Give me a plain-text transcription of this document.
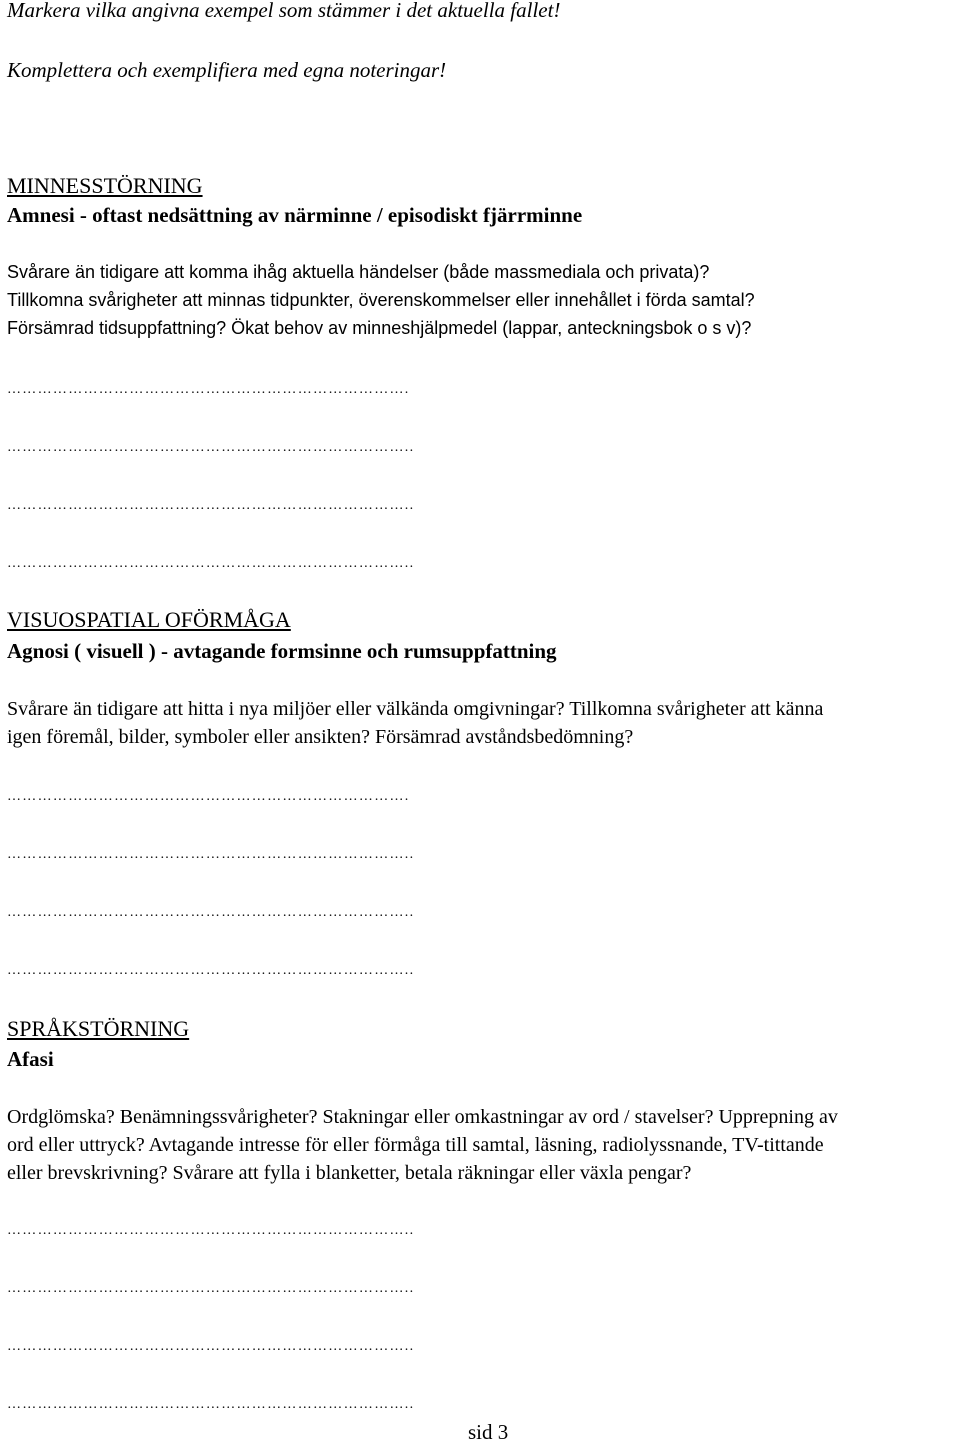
Markera vilka angivna exempel som stämmer i det aktuella fallet!
Komplettera och exemplifiera med egna noteringar!
MINNESSTÖRNING
Amnesi - oftast nedsättning av närminne / episodiskt fjärrminne
Svårare än tidigare att komma ihåg aktuella händelser (både massmediala och privata)?
Tillkomna svårigheter att minnas tidpunkter, överenskommelser eller innehållet i förda samtal?
Försämrad tidsuppfattning? Ökat behov av minneshjälpmedel (lappar, anteckningsbok o s v)?
…………………………………………………………………….
……………………………………………………………………..
……………………………………………………………………..
……………………………………………………………………..
VISUOSPATIAL OFÖRMÅGA
Agnosi ( visuell ) - avtagande formsinne och rumsuppfattning
Svårare än tidigare att hitta i nya miljöer eller välkända omgivningar? Tillkomna svårigheter att känna
igen föremål, bilder, symboler eller ansikten? Försämrad avståndsbedömning?
…………………………………………………………………….
……………………………………………………………………..
……………………………………………………………………..
……………………………………………………………………..
SPRÅKSTÖRNING
Afasi
Ordglömska? Benämningssvårigheter? Stakningar eller omkastningar av ord / stavelser? Upprepning av
ord eller uttryck? Avtagande intresse för eller förmåga till samtal, läsning, radiolyssnande, TV-tittande
eller brevskrivning? Svårare att fylla i blanketter, betala räkningar eller växla pengar?
……………………………………………………………………..
……………………………………………………………………..
……………………………………………………………………..
……………………………………………………………………..
sid 3
